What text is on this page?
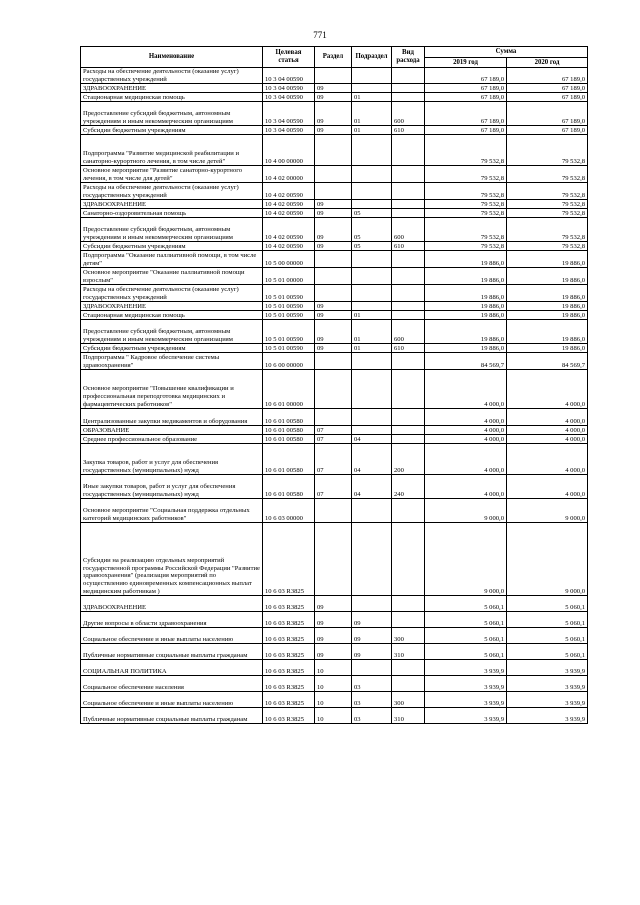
771
Наименование	Целевая статья	Раздел	Подраздел	Вид расхода	Сумма	
					2019 год	2020 год
Расходы на обеспечение деятельности (оказание услуг) государственных учреждений	10 3 04 00590				67 189,0	67 189,0
ЗДРАВООХРАНЕНИЕ	10 3 04 00590	09			67 189,0	67 189,0
Стационарная медицинская помощь	10 3 04 00590	09	01		67 189,0	67 189,0
Предоставление субсидий бюджетным, автономным учреждениям и иным некоммерческим организациям	10 3 04 00590	09	01	600	67 189,0	67 189,0
Субсидии бюджетным учреждениям	10 3 04 00590	09	01	610	67 189,0	67 189,0
Подпрограмма "Развитие медицинской реабилитации и санаторно-курортного лечения, в том числе детей"	10 4 00 00000				79 532,8	79 532,8
Основное мероприятие "Развитие санаторно-курортного лечения, в том числе для детей"	10 4 02 00000				79 532,8	79 532,8
Расходы на обеспечение деятельности (оказание услуг) государственных учреждений	10 4 02 00590				79 532,8	79 532,8
ЗДРАВООХРАНЕНИЕ	10 4 02 00590	09			79 532,8	79 532,8
Санаторно-оздоровительная помощь	10 4 02 00590	09	05		79 532,8	79 532,8
Предоставление субсидий бюджетным, автономным учреждениям и иным некоммерческим организациям	10 4 02 00590	09	05	600	79 532,8	79 532,8
Субсидии бюджетным учреждениям	10 4 02 00590	09	05	610	79 532,8	79 532,8
Подпрограмма "Оказание паллиативной помощи, в том числе детям"	10 5 00 00000				19 886,0	19 886,0
Основное мероприятие "Оказание паллиативной помощи взрослым"	10 5 01 00000				19 886,0	19 886,0
Расходы на обеспечение деятельности (оказание услуг) государственных учреждений	10 5 01 00590				19 886,0	19 886,0
ЗДРАВООХРАНЕНИЕ	10 5 01 00590	09			19 886,0	19 886,0
Стационарная медицинская помощь	10 5 01 00590	09	01		19 886,0	19 886,0
Предоставление субсидий бюджетным, автономным учреждениям и иным некоммерческим организациям	10 5 01 00590	09	01	600	19 886,0	19 886,0
Субсидии бюджетным учреждениям	10 5 01 00590	09	01	610	19 886,0	19 886,0
Подпрограмма " Кадровое обеспечение системы здравоохранения"	10 6 00 00000				84 569,7	84 569,7
Основное мероприятие "Повышение квалификации и профессиональная переподготовка медицинских и фармацевтических работников"	10 6 01 00000				4 000,0	4 000,0
Централизованные закупки медикаментов и оборудования	10 6 01 00580				4 000,0	4 000,0
ОБРАЗОВАНИЕ	10 6 01 00580	07			4 000,0	4 000,0
Среднее профессиональное образование	10 6 01 00580	07	04		4 000,0	4 000,0
Закупка товаров, работ и услуг для обеспечения государственных (муниципальных) нужд	10 6 01 00580	07	04	200	4 000,0	4 000,0
Иные закупки товаров, работ и услуг для обеспечения государственных (муниципальных) нужд	10 6 01 00580	07	04	240	4 000,0	4 000,0
Основное мероприятие "Социальная поддержка отдельных категорий медицинских работников"	10 6 03 00000				9 000,0	9 000,0
Субсидии на реализацию отдельных мероприятий государственной программы Российской Федерации "Развитие здравоохранения" (реализация мероприятий по осуществлению единовременных компенсационных выплат медицинским работникам )	10 6 03 R3825				9 000,0	9 000,0
ЗДРАВООХРАНЕНИЕ	10 6 03 R3825	09			5 060,1	5 060,1
Другие вопросы в области здравоохранения	10 6 03 R3825	09	09		5 060,1	5 060,1
Социальное обеспечение и иные выплаты населению	10 6 03 R3825	09	09	300	5 060,1	5 060,1
Публичные нормативные социальные выплаты гражданам	10 6 03 R3825	09	09	310	5 060,1	5 060,1
СОЦИАЛЬНАЯ ПОЛИТИКА	10 6 03 R3825	10			3 939,9	3 939,9
Социальное обеспечение населения	10 6 03 R3825	10	03		3 939,9	3 939,9
Социальное обеспечение и иные выплаты населению	10 6 03 R3825	10	03	300	3 939,9	3 939,9
Публичные нормативные социальные выплаты гражданам	10 6 03 R3825	10	03	310	3 939,9	3 939,9
